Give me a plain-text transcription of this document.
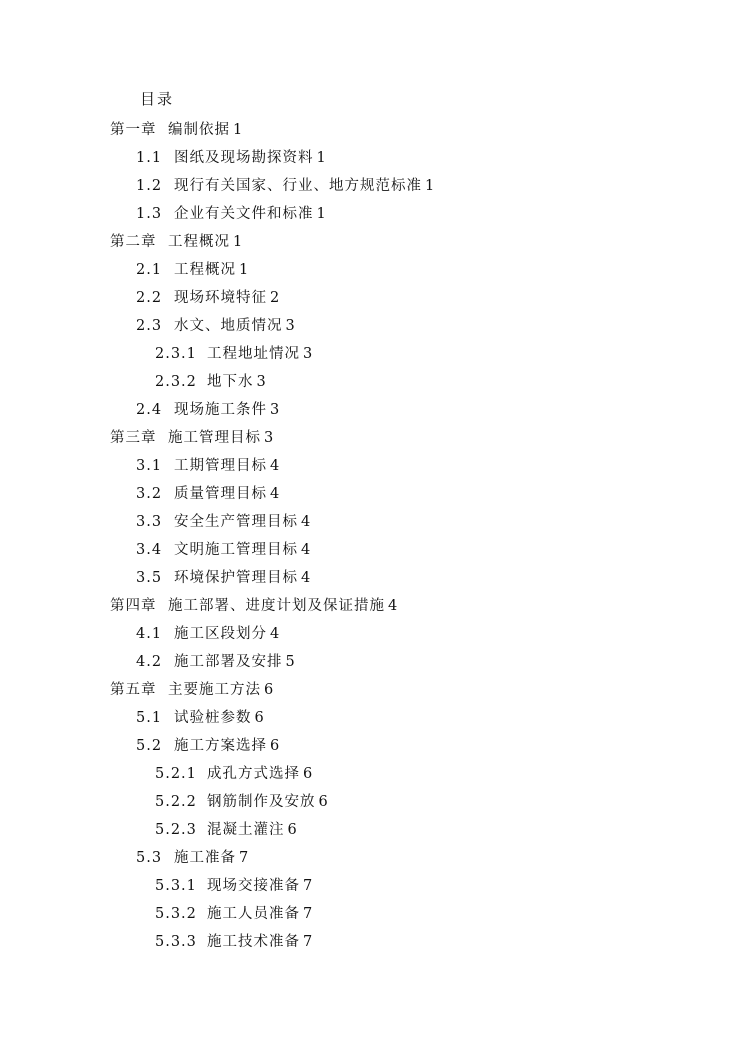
目录
第一章 编制依据 1
1.1 图纸及现场勘探资料 1
1.2 现行有关国家、行业、地方规范标准 1
1.3 企业有关文件和标准 1
第二章 工程概况 1
2.1 工程概况 1
2.2 现场环境特征 2
2.3 水文、地质情况 3
2.3.1 工程地址情况 3
2.3.2 地下水 3
2.4 现场施工条件 3
第三章 施工管理目标 3
3.1 工期管理目标 4
3.2 质量管理目标 4
3.3 安全生产管理目标 4
3.4 文明施工管理目标 4
3.5 环境保护管理目标 4
第四章 施工部署、进度计划及保证措施 4
4.1 施工区段划分 4
4.2 施工部署及安排 5
第五章 主要施工方法 6
5.1 试验桩参数 6
5.2 施工方案选择 6
5.2.1 成孔方式选择 6
5.2.2 钢筋制作及安放 6
5.2.3 混凝土灌注 6
5.3 施工准备 7
5.3.1 现场交接准备 7
5.3.2 施工人员准备 7
5.3.3 施工技术准备 7
